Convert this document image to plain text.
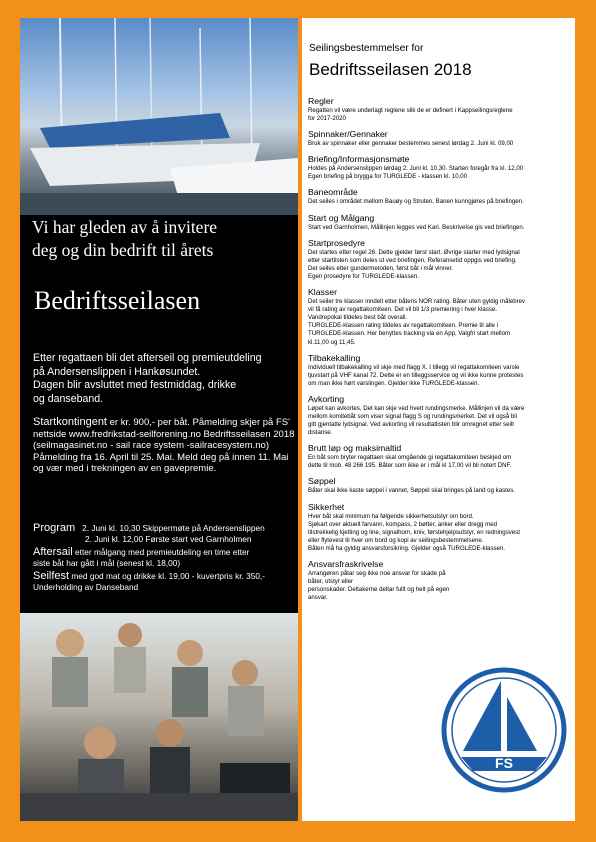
Vi har gleden av å invitere
deg og din bedrift til årets
Bedriftsseilasen
Etter regattaen bli det afterseil og premieutdeling
på Andersenslippen i Hankøsundet.
Dagen blir avsluttet med festmiddag, drikke
og danseband.
Startkontingent er kr. 900,- per båt. Påmelding skjer på FS'
nettside www.fredrikstad-seilforening.no Bedriftsseilasen 2018
(seilmagasinet.no - sail race system -sailracesystem.no)
Påmelding fra 16. April til 25. Mai. Meld deg på innen 11. Mai
og vær med i trekningen av en gavepremie.
Program 2. Juni kl. 10,30 Skippermøte på Andersenslippen
2. Juni kl. 12,00 Første start ved Garnholmen
Aftersail etter målgang med premieutdeling en time etter
siste båt har gått i mål (senest kl. 18,00)
Seilfest med god mat og drikke kl. 19,00 - kuvertpris kr. 350,-
Underholding av Danseband
Seilingsbestemmelser for
Bedriftsseilasen 2018
Regler
Regatten vil være underlagt reglene slik de er definert i Kappseilingsreglene
for 2017-2020
Spinnaker/Gennaker
Bruk av spinnaker eller gennaker bestemmes senest lørdag 2. Juni kl. 09,00
Briefing/Informasjonsmøte
Holdes på Andersenslippen lørdag 2. Juni kl. 10,30. Starten foregår fra kl. 12,00
Egen briefing på brygga for TURGLEDE - klassen kl. 10,00
Baneområde
Det seiles i området mellom Bauøy og Struten, Banen kunngjøres på briefingen.
Start og Målgang
Start ved Garnholmen, Mållinjen legges ved Kari. Beskrivelse gis ved briefingen.
Startprosedyre
Det startes etter regel 26. Dette gjelder først start. Øvrige starter med lydsignal
etter startlisten som deles ut ved briefingen, Referansetid oppgis ved briefing.
Det seiles etter gundermetoden, først båt i mål vinner.
Egen prosedyre for TURGLEDE-klassen.
Klasser
Det seiler tre klasser inndelt etter båtens NOR rating. Båter uten gyldig målebrev
vil få rating av regattakomiteen. Det vil bli 1/3 premiering i hver klasse.
Vandrepokal tildeles best båt overall.
TURGLEDE-klassen rating tildeles av regattakomiteen. Premie til alle i
TURGLEDE-klassen. Her benyttes tracking via en App, Valgfri start mellom
kl.11,00 og 11,45.
Tilbakekalling
Individuell tilbakekalling vil skje med flagg X. I tillegg vil regattakomiteen varsle
tjuvstart på VHF kanal 72. Dette er en tilleggsservice og vil ikke kunne protestes
om man ikke hørt varslingen. Gjelder ikke TURGLEDE-klassen.
Avkorting
Løpet kan avkortes, Det kan skje ved hvert rundingsmerke. Mållinjen vil da være
mellom komitebåt som viser signal flagg S og rundingsmerket. Det vil også bli
gitt gjentatte lydsignal. Ved avkorting vil resultatlisten blir omregnet etter seilt
distanse.
Brutt løp og maksimaltid
En båt som bryter regattaen skal omgående gi regattakomiteen beskjed om
dette til mob. 48 266 195. Båter som ikke er i mål kl 17,00 vil bli notert DNF.
Søppel
Båter skal ikke kaste søppel i vannet, Søppel skal bringes på land og kastes.
Sikkerhet
Hver båt skal minimum ha følgende sikkerhetsutstyr om bord.
Sjøkart over aktuelt farvann, kompass, 2 bøtter, anker eller dregg med
tilstrekkelig kjetting og line, signalhorn, kniv, førstehjelpsutstyr, en redningsvest
eller flytevest til hver om bord og kopi av seilingsbestemmelsene.
Båten må ha gyldig ansvarsforsikring. Gjelder også TURGLEDE-klassen.
Ansvarsfraskrivelse
Arrangøren påtar seg ikke noe ansvar for skade på båter, utstyr eller
personskader. Deltakerne deltar fullt og helt på egen ansvar.
FS
